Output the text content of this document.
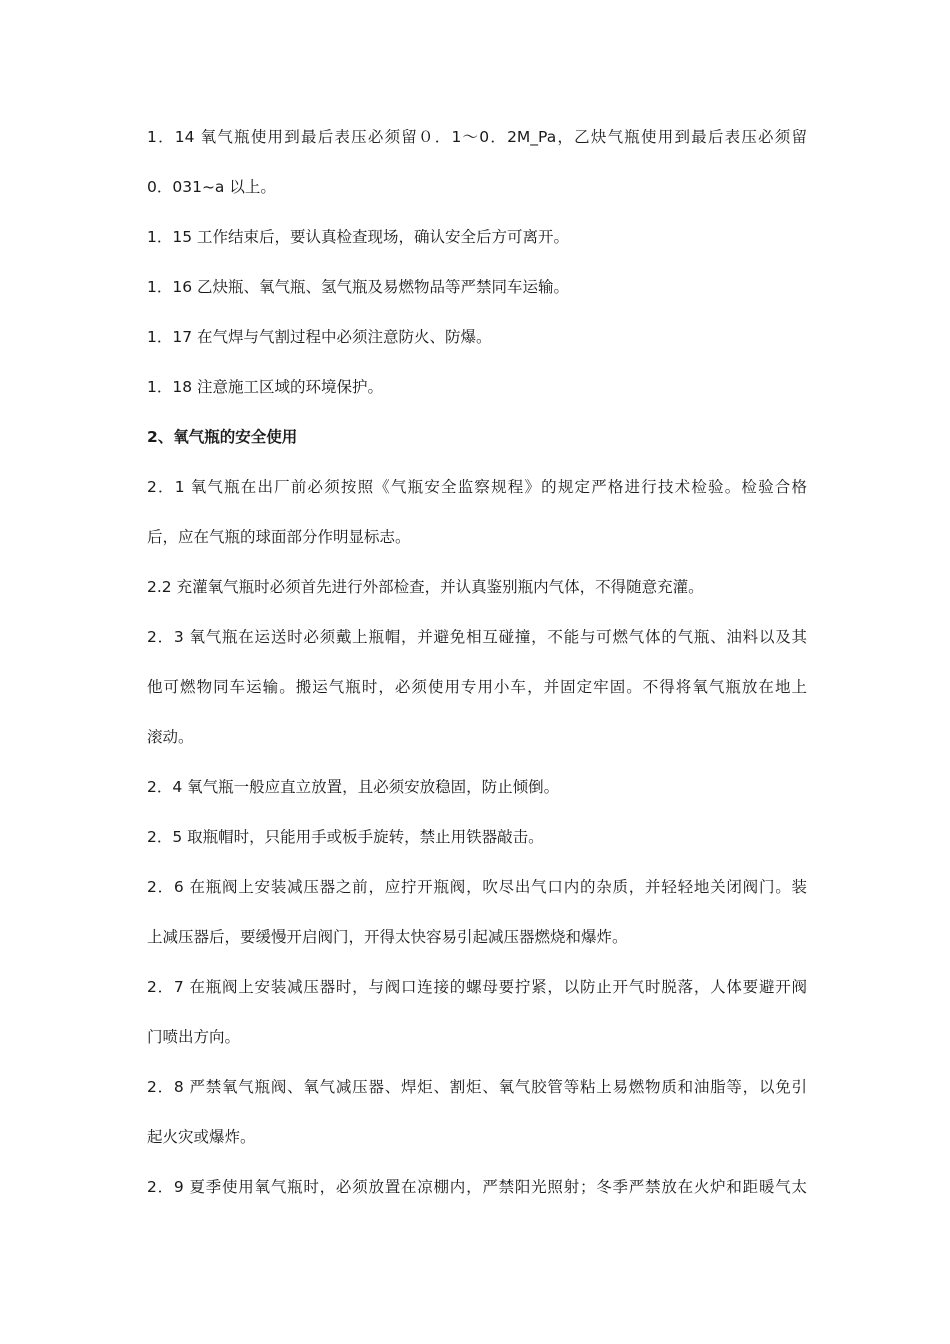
1．14 氧气瓶使用到最后表压必须留０．1～0．2M_Pa，乙炔气瓶使用到最后表压必须留
0．031~a 以上。
1．15 工作结束后，要认真检查现场，确认安全后方可离开。
1．16 乙炔瓶、氧气瓶、氢气瓶及易燃物品等严禁同车运输。
1．17 在气焊与气割过程中必须注意防火、防爆。
1．18 注意施工区域的环境保护。
2、氧气瓶的安全使用
2．1 氧气瓶在出厂前必须按照《气瓶安全监察规程》的规定严格进行技术检验。检验合格
后，应在气瓶的球面部分作明显标志。
2.2 充灌氧气瓶时必须首先进行外部检查，并认真鉴别瓶内气体，不得随意充灌。
2．3 氧气瓶在运送时必须戴上瓶帽，并避免相互碰撞，不能与可燃气体的气瓶、油料以及其
他可燃物同车运输。搬运气瓶时，必须使用专用小车，并固定牢固。不得将氧气瓶放在地上
滚动。
2．4 氧气瓶一般应直立放置，且必须安放稳固，防止倾倒。
2．5 取瓶帽时，只能用手或板手旋转，禁止用铁器敲击。
2．6 在瓶阀上安装减压器之前，应拧开瓶阀，吹尽出气口内的杂质，并轻轻地关闭阀门。装
上减压器后，要缓慢开启阀门，开得太快容易引起减压器燃烧和爆炸。
2．7 在瓶阀上安装减压器时，与阀口连接的螺母要拧紧，以防止开气时脱落，人体要避开阀
门喷出方向。
2．8 严禁氧气瓶阀、氧气减压器、焊炬、割炬、氧气胶管等粘上易燃物质和油脂等，以免引
起火灾或爆炸。
2．9 夏季使用氧气瓶时，必须放置在凉棚内，严禁阳光照射；冬季严禁放在火炉和距暖气太
